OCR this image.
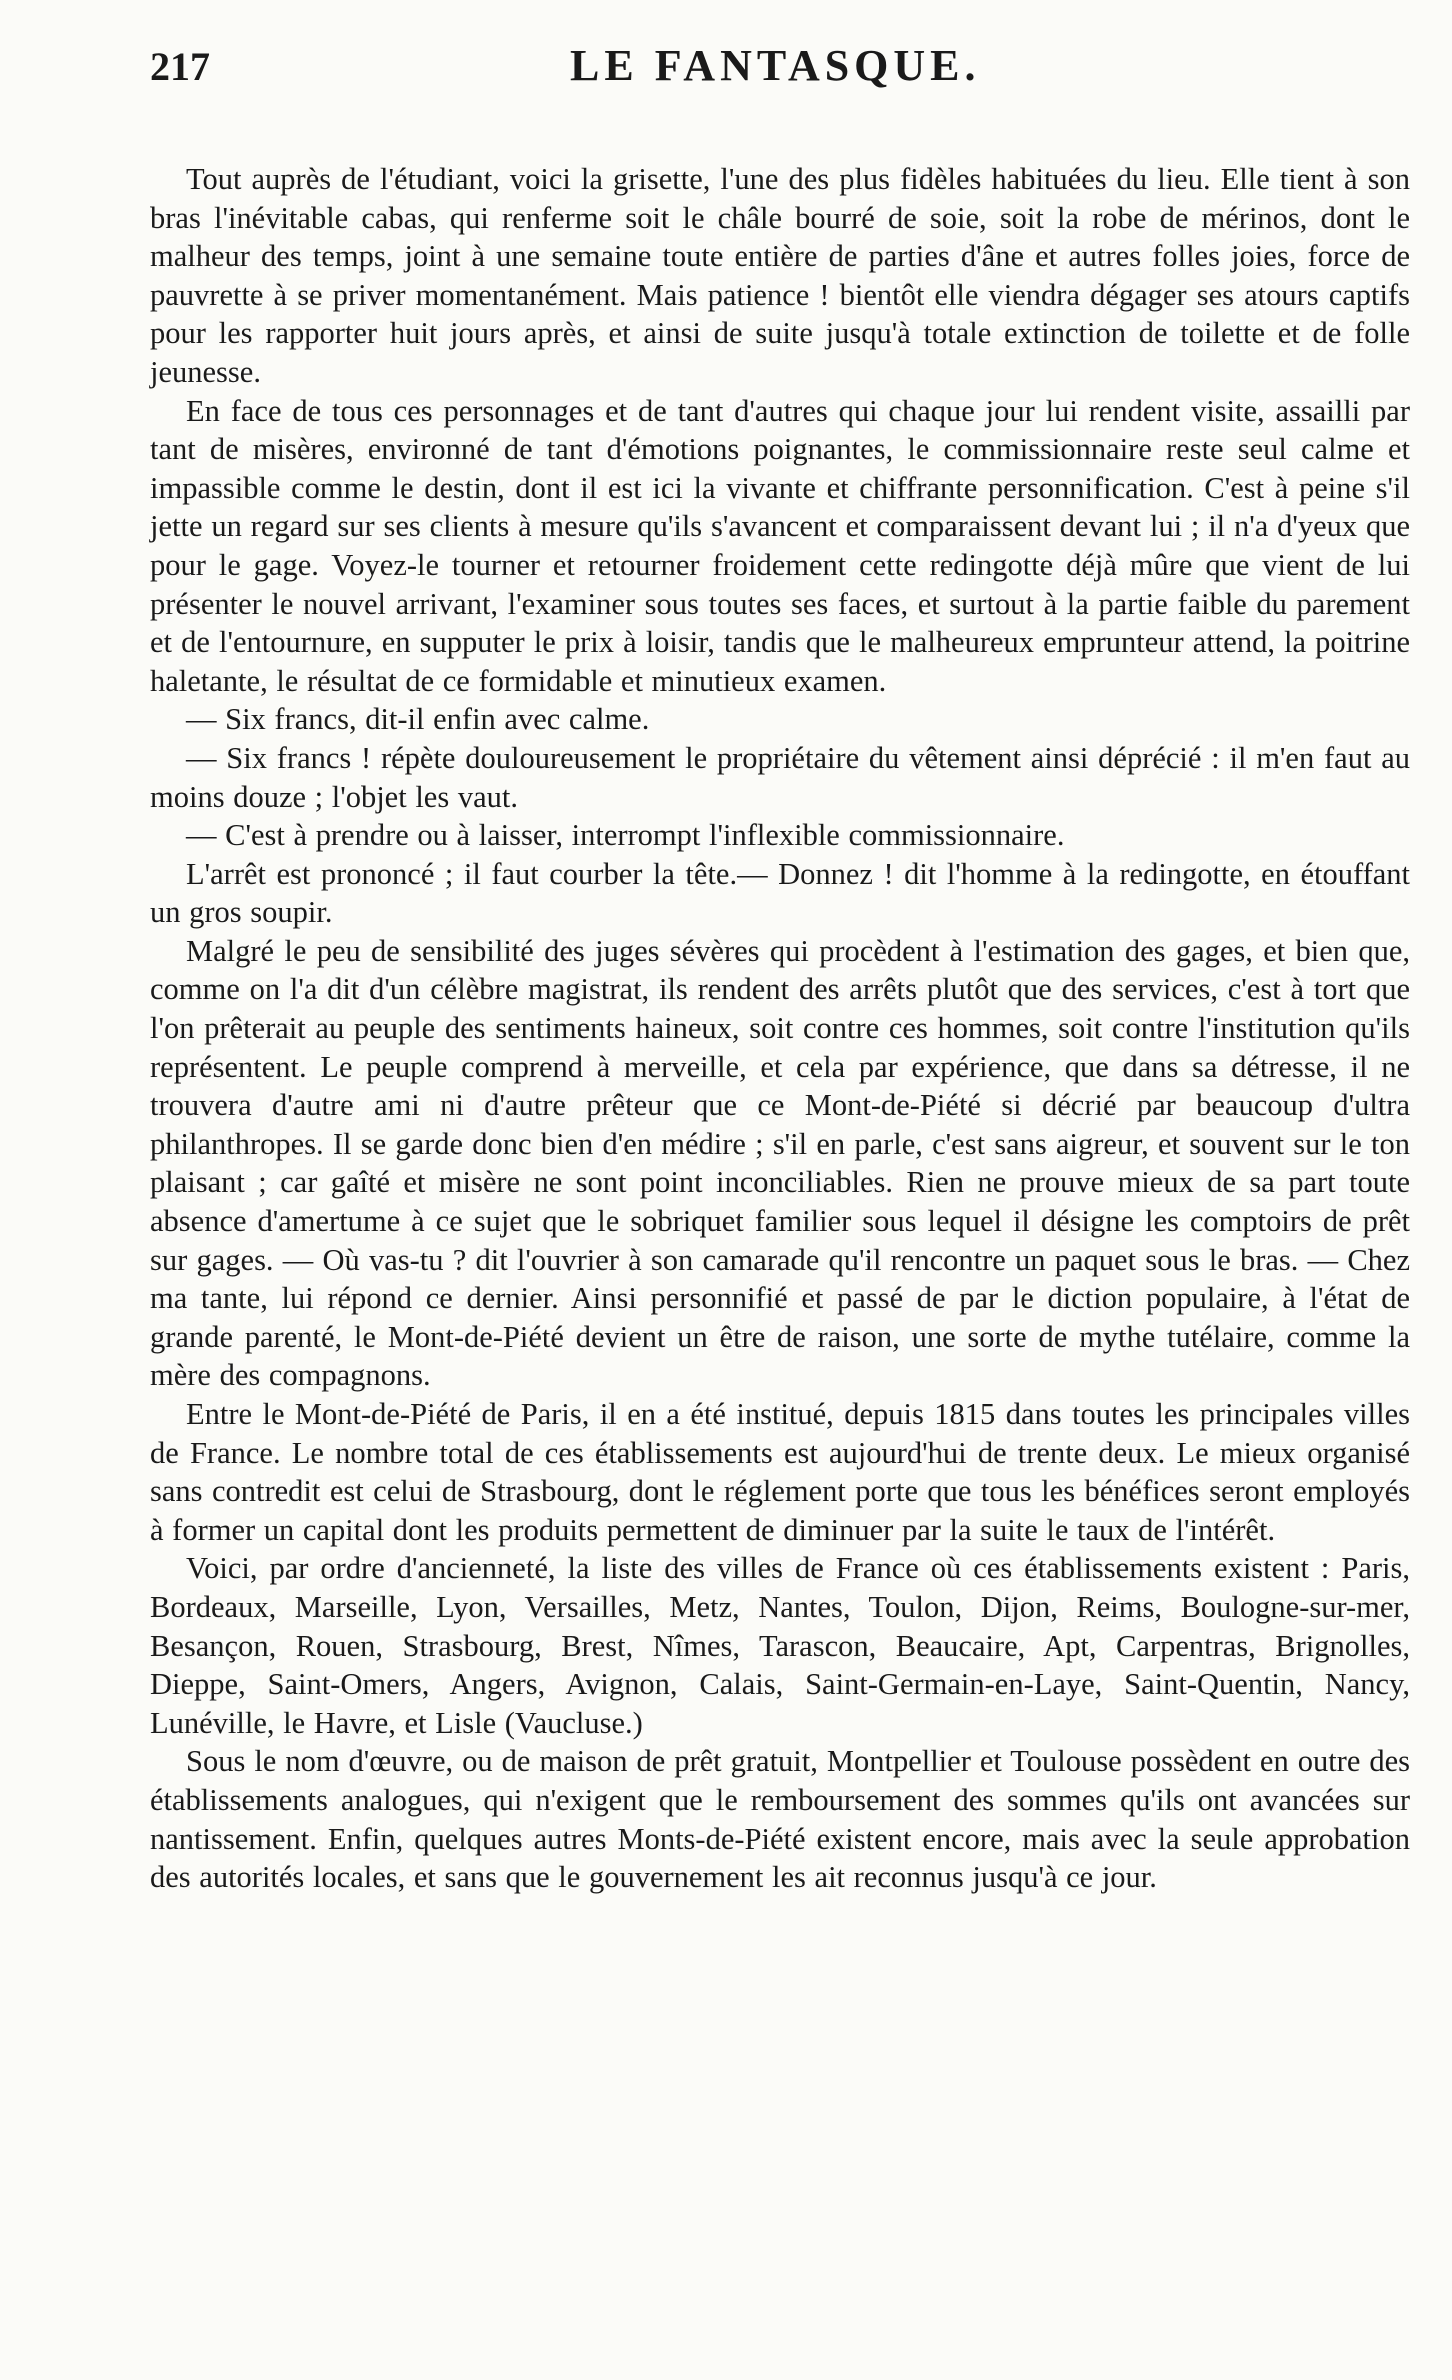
217	LE FANTASQUE.

Tout auprès de l'étudiant, voici la grisette, l'une des plus fidèles habituées du lieu. Elle tient à son bras l'inévitable cabas, qui renferme soit le châle bourré de soie, soit la robe de mérinos, dont le malheur des temps, joint à une semaine toute entière de parties d'âne et autres folles joies, force de pauvrette à se priver momentanément. Mais patience ! bientôt elle viendra dégager ses atours captifs pour les rapporter huit jours après, et ainsi de suite jusqu'à totale extinction de toilette et de folle jeunesse.

En face de tous ces personnages et de tant d'autres qui chaque jour lui rendent visite, assailli par tant de misères, environné de tant d'émotions poignantes, le commissionnaire reste seul calme et impassible comme le destin, dont il est ici la vivante et chiffrante personnification. C'est à peine s'il jette un regard sur ses clients à mesure qu'ils s'avancent et comparaissent devant lui ; il n'a d'yeux que pour le gage. Voyez-le tourner et retourner froidement cette redingotte déjà mûre que vient de lui présenter le nouvel arrivant, l'examiner sous toutes ses faces, et surtout à la partie faible du parement et de l'entournure, en supputer le prix à loisir, tandis que le malheureux emprunteur attend, la poitrine haletante, le résultat de ce formidable et minutieux examen.

— Six francs, dit-il enfin avec calme.

— Six francs ! répète douloureusement le propriétaire du vêtement ainsi déprécié : il m'en faut au moins douze ; l'objet les vaut.

— C'est à prendre ou à laisser, interrompt l'inflexible commissionnaire.

L'arrêt est prononcé ; il faut courber la tête.— Donnez ! dit l'homme à la redingotte, en étouffant un gros soupir.

Malgré le peu de sensibilité des juges sévères qui procèdent à l'estimation des gages, et bien que, comme on l'a dit d'un célèbre magistrat, ils rendent des arrêts plutôt que des services, c'est à tort que l'on prêterait au peuple des sentiments haineux, soit contre ces hommes, soit contre l'institution qu'ils représentent. Le peuple comprend à merveille, et cela par expérience, que dans sa détresse, il ne trouvera d'autre ami ni d'autre prêteur que ce Mont-de-Piété si décrié par beaucoup d'ultra philanthropes. Il se garde donc bien d'en médire ; s'il en parle, c'est sans aigreur, et souvent sur le ton plaisant ; car gaîté et misère ne sont point inconciliables. Rien ne prouve mieux de sa part toute absence d'amertume à ce sujet que le sobriquet familier sous lequel il désigne les comptoirs de prêt sur gages. — Où vas-tu ? dit l'ouvrier à son camarade qu'il rencontre un paquet sous le bras. — Chez ma tante, lui répond ce dernier. Ainsi personnifié et passé de par le diction populaire, à l'état de grande parenté, le Mont-de-Piété devient un être de raison, une sorte de mythe tutélaire, comme la mère des compagnons.

Entre le Mont-de-Piété de Paris, il en a été institué, depuis 1815 dans toutes les principales villes de France. Le nombre total de ces établissements est aujourd'hui de trente deux. Le mieux organisé sans contredit est celui de Strasbourg, dont le réglement porte que tous les bénéfices seront employés à former un capital dont les produits permettent de diminuer par la suite le taux de l'intérêt.

Voici, par ordre d'ancienneté, la liste des villes de France où ces établissements existent : Paris, Bordeaux, Marseille, Lyon, Versailles, Metz, Nantes, Toulon, Dijon, Reims, Boulogne-sur-mer, Besançon, Rouen, Strasbourg, Brest, Nîmes, Tarascon, Beaucaire, Apt, Carpentras, Brignolles, Dieppe, Saint-Omers, Angers, Avignon, Calais, Saint-Germain-en-Laye, Saint-Quentin, Nancy, Lunéville, le Havre, et Lisle (Vaucluse.)

Sous le nom d'œuvre, ou de maison de prêt gratuit, Montpellier et Toulouse possèdent en outre des établissements analogues, qui n'exigent que le remboursement des sommes qu'ils ont avancées sur nantissement. Enfin, quelques autres Monts-de-Piété existent encore, mais avec la seule approbation des autorités locales, et sans que le gouvernement les ait reconnus jusqu'à ce jour.
